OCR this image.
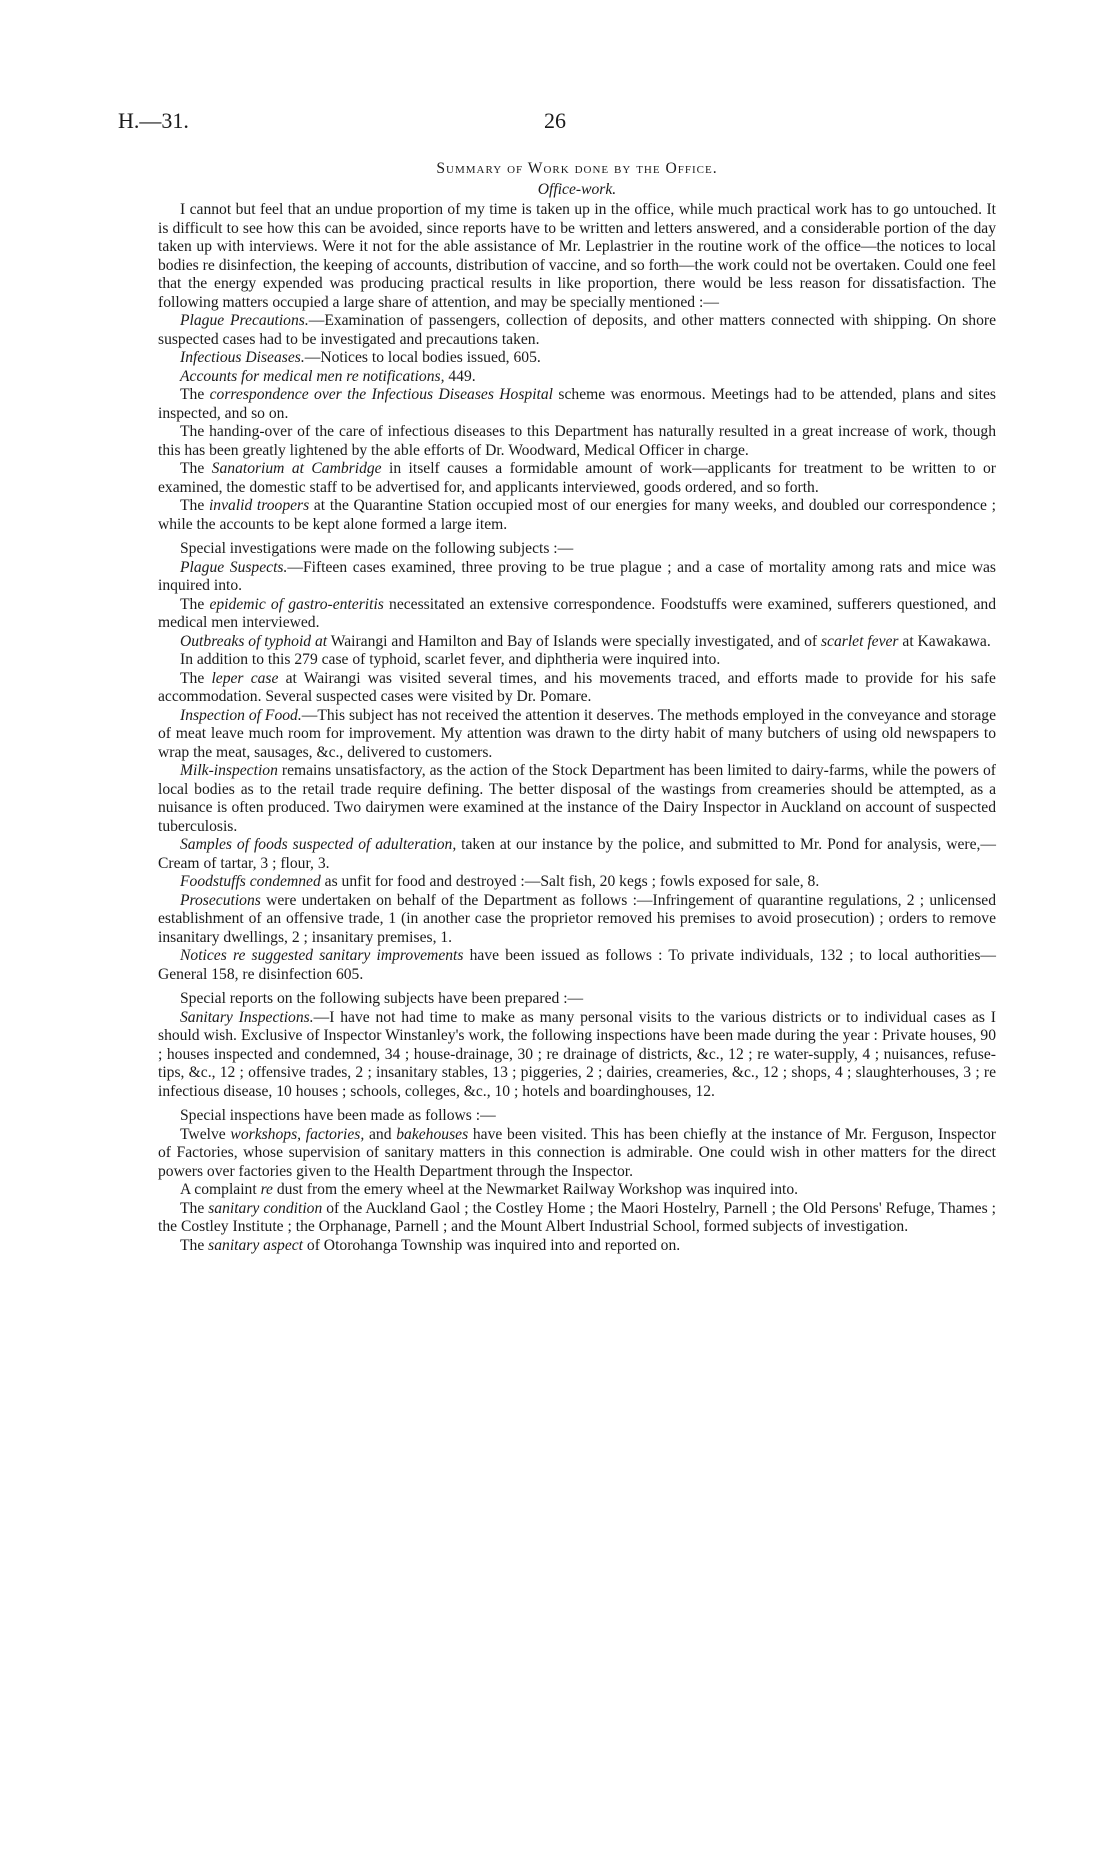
H.—31.	26
Summary of Work done by the Office.
Office-work.

I cannot but feel that an undue proportion of my time is taken up in the office, while much practical work has to go untouched. It is difficult to see how this can be avoided, since reports have to be written and letters answered, and a considerable portion of the day taken up with interviews. Were it not for the able assistance of Mr. Leplastrier in the routine work of the office—the notices to local bodies re disinfection, the keeping of accounts, distribution of vaccine, and so forth—the work could not be overtaken. Could one feel that the energy expended was producing practical results in like proportion, there would be less reason for dissatisfaction. The following matters occupied a large share of attention, and may be specially mentioned :—

Plague Precautions.—Examination of passengers, collection of deposits, and other matters connected with shipping. On shore suspected cases had to be investigated and precautions taken.

Infectious Diseases.—Notices to local bodies issued, 605.

Accounts for medical men re notifications, 449.

The correspondence over the Infectious Diseases Hospital scheme was enormous. Meetings had to be attended, plans and sites inspected, and so on.

The handing-over of the care of infectious diseases to this Department has naturally resulted in a great increase of work, though this has been greatly lightened by the able efforts of Dr. Woodward, Medical Officer in charge.

The Sanatorium at Cambridge in itself causes a formidable amount of work—applicants for treatment to be written to or examined, the domestic staff to be advertised for, and applicants interviewed, goods ordered, and so forth.

The invalid troopers at the Quarantine Station occupied most of our energies for many weeks, and doubled our correspondence ; while the accounts to be kept alone formed a large item.

Special investigations were made on the following subjects :—

Plague Suspects.—Fifteen cases examined, three proving to be true plague ; and a case of mortality among rats and mice was inquired into.

The epidemic of gastro-enteritis necessitated an extensive correspondence. Foodstuffs were examined, sufferers questioned, and medical men interviewed.

Outbreaks of typhoid at Wairangi and Hamilton and Bay of Islands were specially investigated, and of scarlet fever at Kawakawa.

In addition to this 279 case of typhoid, scarlet fever, and diphtheria were inquired into.

The leper case at Wairangi was visited several times, and his movements traced, and efforts made to provide for his safe accommodation. Several suspected cases were visited by Dr. Pomare.

Inspection of Food.—This subject has not received the attention it deserves. The methods employed in the conveyance and storage of meat leave much room for improvement. My attention was drawn to the dirty habit of many butchers of using old newspapers to wrap the meat, sausages, &c., delivered to customers.

Milk-inspection remains unsatisfactory, as the action of the Stock Department has been limited to dairy-farms, while the powers of local bodies as to the retail trade require defining. The better disposal of the wastings from creameries should be attempted, as a nuisance is often produced. Two dairymen were examined at the instance of the Dairy Inspector in Auckland on account of suspected tuberculosis.

Samples of foods suspected of adulteration, taken at our instance by the police, and submitted to Mr. Pond for analysis, were,—Cream of tartar, 3 ; flour, 3.

Foodstuffs condemned as unfit for food and destroyed :—Salt fish, 20 kegs ; fowls exposed for sale, 8.

Prosecutions were undertaken on behalf of the Department as follows :—Infringement of quarantine regulations, 2 ; unlicensed establishment of an offensive trade, 1 (in another case the proprietor removed his premises to avoid prosecution) ; orders to remove insanitary dwellings, 2 ; insanitary premises, 1.

Notices re suggested sanitary improvements have been issued as follows : To private individuals, 132 ; to local authorities—General 158, re disinfection 605.

Special reports on the following subjects have been prepared :—

Sanitary Inspections.—I have not had time to make as many personal visits to the various districts or to individual cases as I should wish. Exclusive of Inspector Winstanley's work, the following inspections have been made during the year : Private houses, 90 ; houses inspected and condemned, 34 ; house-drainage, 30 ; re drainage of districts, &c., 12 ; re water-supply, 4 ; nuisances, refuse-tips, &c., 12 ; offensive trades, 2 ; insanitary stables, 13 ; piggeries, 2 ; dairies, creameries, &c., 12 ; shops, 4 ; slaughterhouses, 3 ; re infectious disease, 10 houses ; schools, colleges, &c., 10 ; hotels and boardinghouses, 12.

Special inspections have been made as follows :—

Twelve workshops, factories, and bakehouses have been visited. This has been chiefly at the instance of Mr. Ferguson, Inspector of Factories, whose supervision of sanitary matters in this connection is admirable. One could wish in other matters for the direct powers over factories given to the Health Department through the Inspector.

A complaint re dust from the emery wheel at the Newmarket Railway Workshop was inquired into.

The sanitary condition of the Auckland Gaol ; the Costley Home ; the Maori Hostelry, Parnell ; the Old Persons' Refuge, Thames ; the Costley Institute ; the Orphanage, Parnell ; and the Mount Albert Industrial School, formed subjects of investigation.

The sanitary aspect of Otorohanga Township was inquired into and reported on.
